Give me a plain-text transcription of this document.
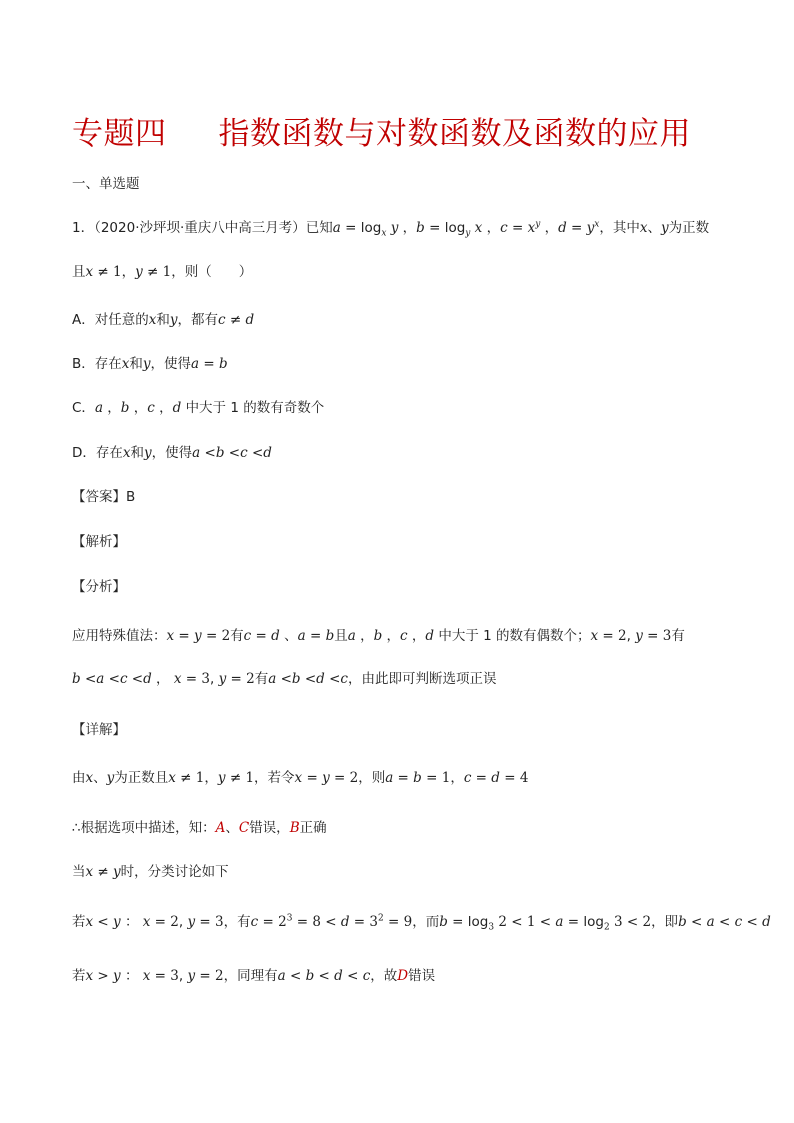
专题四 指数函数与对数函数及函数的应用
一、单选题
1．（2020·沙坪坝·重庆八中高三月考）已知$a = \log_x y$ ，$b = \log_y x$ ，$c = x^y$ ，$d = y^x$，其中x、y为正数
且x ≠ 1，y ≠ 1，则（　　）
A．对任意的x和y，都有c ≠ d
B．存在x和y，使得a = b
C．a ，b ，c ，d 中大于 1 的数有奇数个
D．存在x和y，使得a <b <c <d
【答案】B
【解析】
【分析】
应用特殊值法：x = y = 2有c = d 、a = b且a ，b ，c ，d 中大于 1 的数有偶数个；x = 2, y = 3有
b <a <c <d ， x = 3, y = 2有a <b <d <c，由此即可判断选项正误
【详解】
由x、y为正数且x ≠ 1，y ≠ 1，若令x = y = 2，则a = b = 1，c = d = 4
∴根据选项中描述，知：A、C错误，B正确
当x ≠ y时，分类讨论如下
若x < y ： x = 2, y = 3，有$c = 2^3 = 8 < d = 3^2 = 9$，而$b = \log_3 2 < 1 < a = \log_2 3 < 2$，即b < a < c < d
若x > y ： x = 3, y = 2，同理有a < b < d < c，故D错误
